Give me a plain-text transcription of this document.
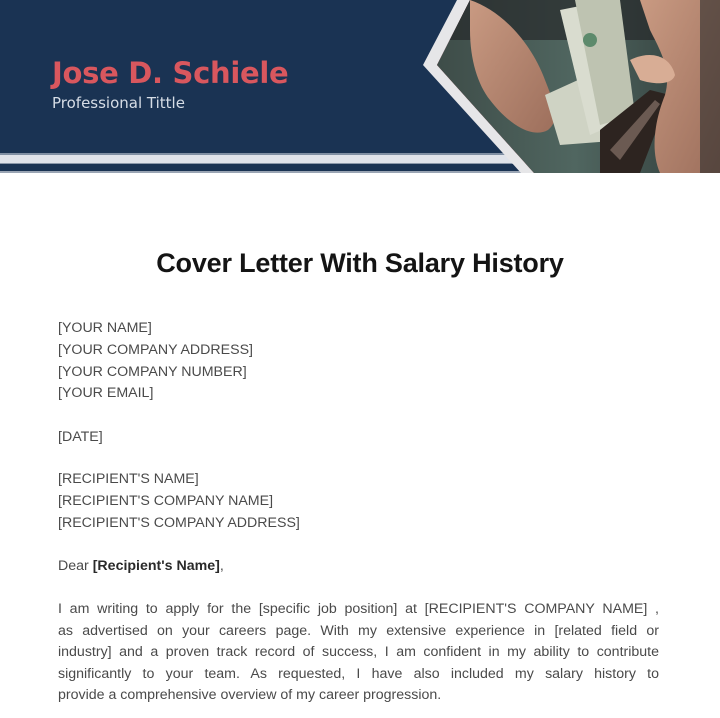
Jose D. Schiele
Professional Tittle
Cover Letter With Salary History
[YOUR NAME]
[YOUR COMPANY ADDRESS]
[YOUR COMPANY NUMBER]
[YOUR EMAIL]
[DATE]
[RECIPIENT'S NAME]
[RECIPIENT'S COMPANY NAME]
[RECIPIENT'S COMPANY ADDRESS]
Dear [Recipient's Name],
I am writing to apply for the [specific job position] at [RECIPIENT'S COMPANY NAME] ,
as advertised on your careers page. With my extensive experience in [related field or
industry] and a proven track record of success, I am confident in my ability to contribute
significantly to your team. As requested, I have also included my salary history to
provide a comprehensive overview of my career progression.
